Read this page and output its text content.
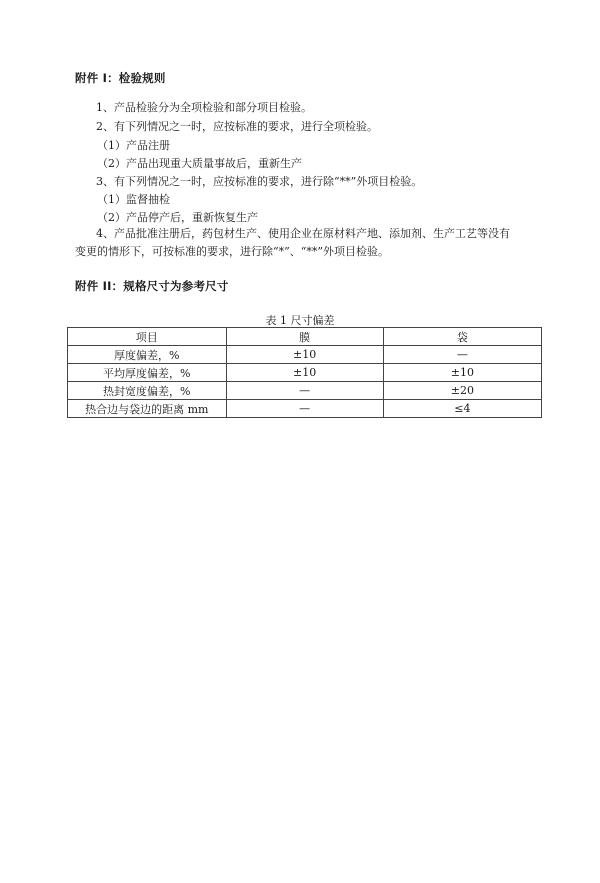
附件 I：检验规则
1、产品检验分为全项检验和部分项目检验。
2、有下列情况之一时，应按标准的要求，进行全项检验。
（1）产品注册
（2）产品出现重大质量事故后，重新生产
3、有下列情况之一时，应按标准的要求，进行除“**”外项目检验。
（1）监督抽检
（2）产品停产后，重新恢复生产
4、产品批准注册后，药包材生产、使用企业在原材料产地、添加剂、生产工艺等没有
变更的情形下，可按标准的要求，进行除“*”、“**”外项目检验。
附件 II：规格尺寸为参考尺寸
表 1 尺寸偏差
项目	膜	袋
厚度偏差，%	±10	—
平均厚度偏差，%	±10	±10
热封宽度偏差，%	—	±20
热合边与袋边的距离 mm	—	≤4
